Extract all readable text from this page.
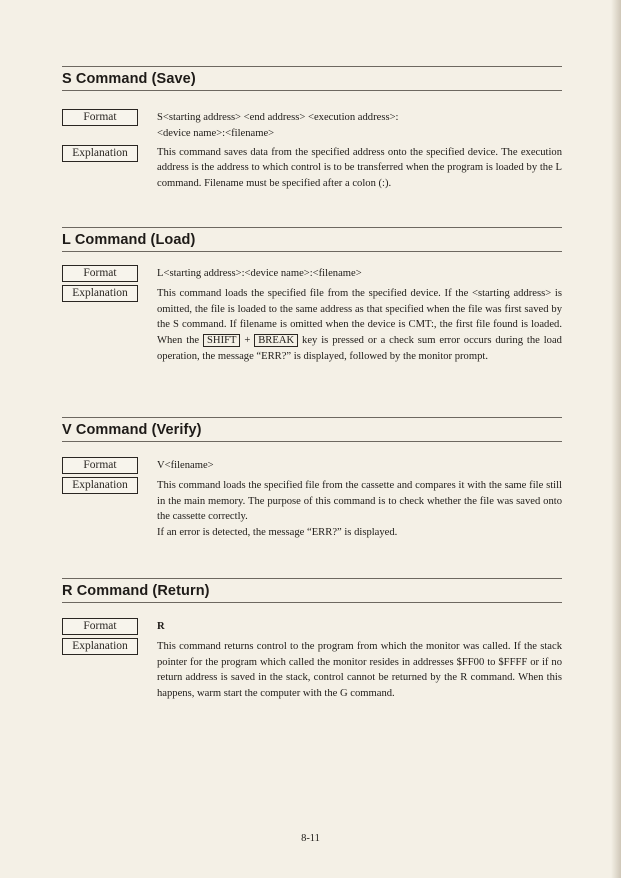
S Command (Save)
Format	S<starting address> <end address> <execution address>:
<device name>:<filename>
Explanation	This command saves data from the specified address onto the specified device. The execution address is the address to which control is to be transferred when the program is loaded by the L command. Filename must be specified after a colon (:).
L Command (Load)
Format	L<starting address>:<device name>:<filename>
Explanation	This command loads the specified file from the specified device. If the <starting address> is omitted, the file is loaded to the same address as that specified when the file was first saved by the S command. If filename is omitted when the device is CMT:, the first file found is loaded. When the SHIFT + BREAK key is pressed or a check sum error occurs during the load operation, the message “ERR?” is displayed, followed by the monitor prompt.
V Command (Verify)
Format	V<filename>
Explanation	This command loads the specified file from the cassette and compares it with the same file still in the main memory. The purpose of this command is to check whether the file was saved onto the cassette correctly.
If an error is detected, the message “ERR?” is displayed.
R Command (Return)
Format	R
Explanation	This command returns control to the program from which the monitor was called. If the stack pointer for the program which called the monitor resides in addresses $FF00 to $FFFF or if no return address is saved in the stack, control cannot be returned by the R command. When this happens, warm start the computer with the G command.
8-11
